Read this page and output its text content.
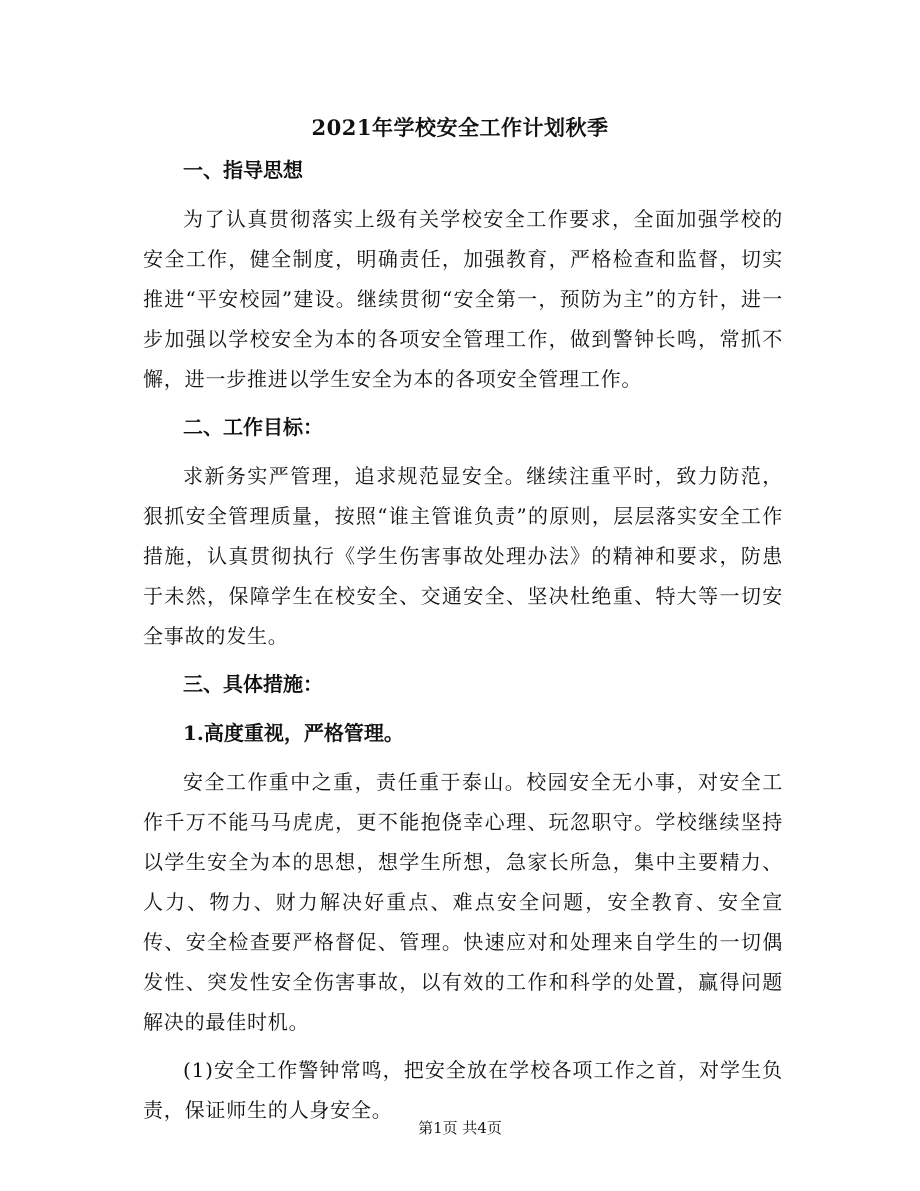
2021年学校安全工作计划秋季

一、指导思想

为了认真贯彻落实上级有关学校安全工作要求，全面加强学校的安全工作，健全制度，明确责任，加强教育，严格检查和监督，切实推进“平安校园”建设。继续贯彻“安全第一，预防为主”的方针，进一步加强以学校安全为本的各项安全管理工作，做到警钟长鸣，常抓不懈，进一步推进以学生安全为本的各项安全管理工作。

二、工作目标：

求新务实严管理，追求规范显安全。继续注重平时，致力防范，狠抓安全管理质量，按照“谁主管谁负责”的原则，层层落实安全工作措施，认真贯彻执行《学生伤害事故处理办法》的精神和要求，防患于未然，保障学生在校安全、交通安全、坚决杜绝重、特大等一切安全事故的发生。

三、具体措施：

1.高度重视，严格管理。

安全工作重中之重，责任重于泰山。校园安全无小事，对安全工作千万不能马马虎虎，更不能抱侥幸心理、玩忽职守。学校继续坚持以学生安全为本的思想，想学生所想，急家长所急，集中主要精力、人力、物力、财力解决好重点、难点安全问题，安全教育、安全宣传、安全检查要严格督促、管理。快速应对和处理来自学生的一切偶发性、突发性安全伤害事故，以有效的工作和科学的处置，赢得问题解决的最佳时机。

(1)安全工作警钟常鸣，把安全放在学校各项工作之首，对学生负责，保证师生的人身安全。

第1页 共4页
